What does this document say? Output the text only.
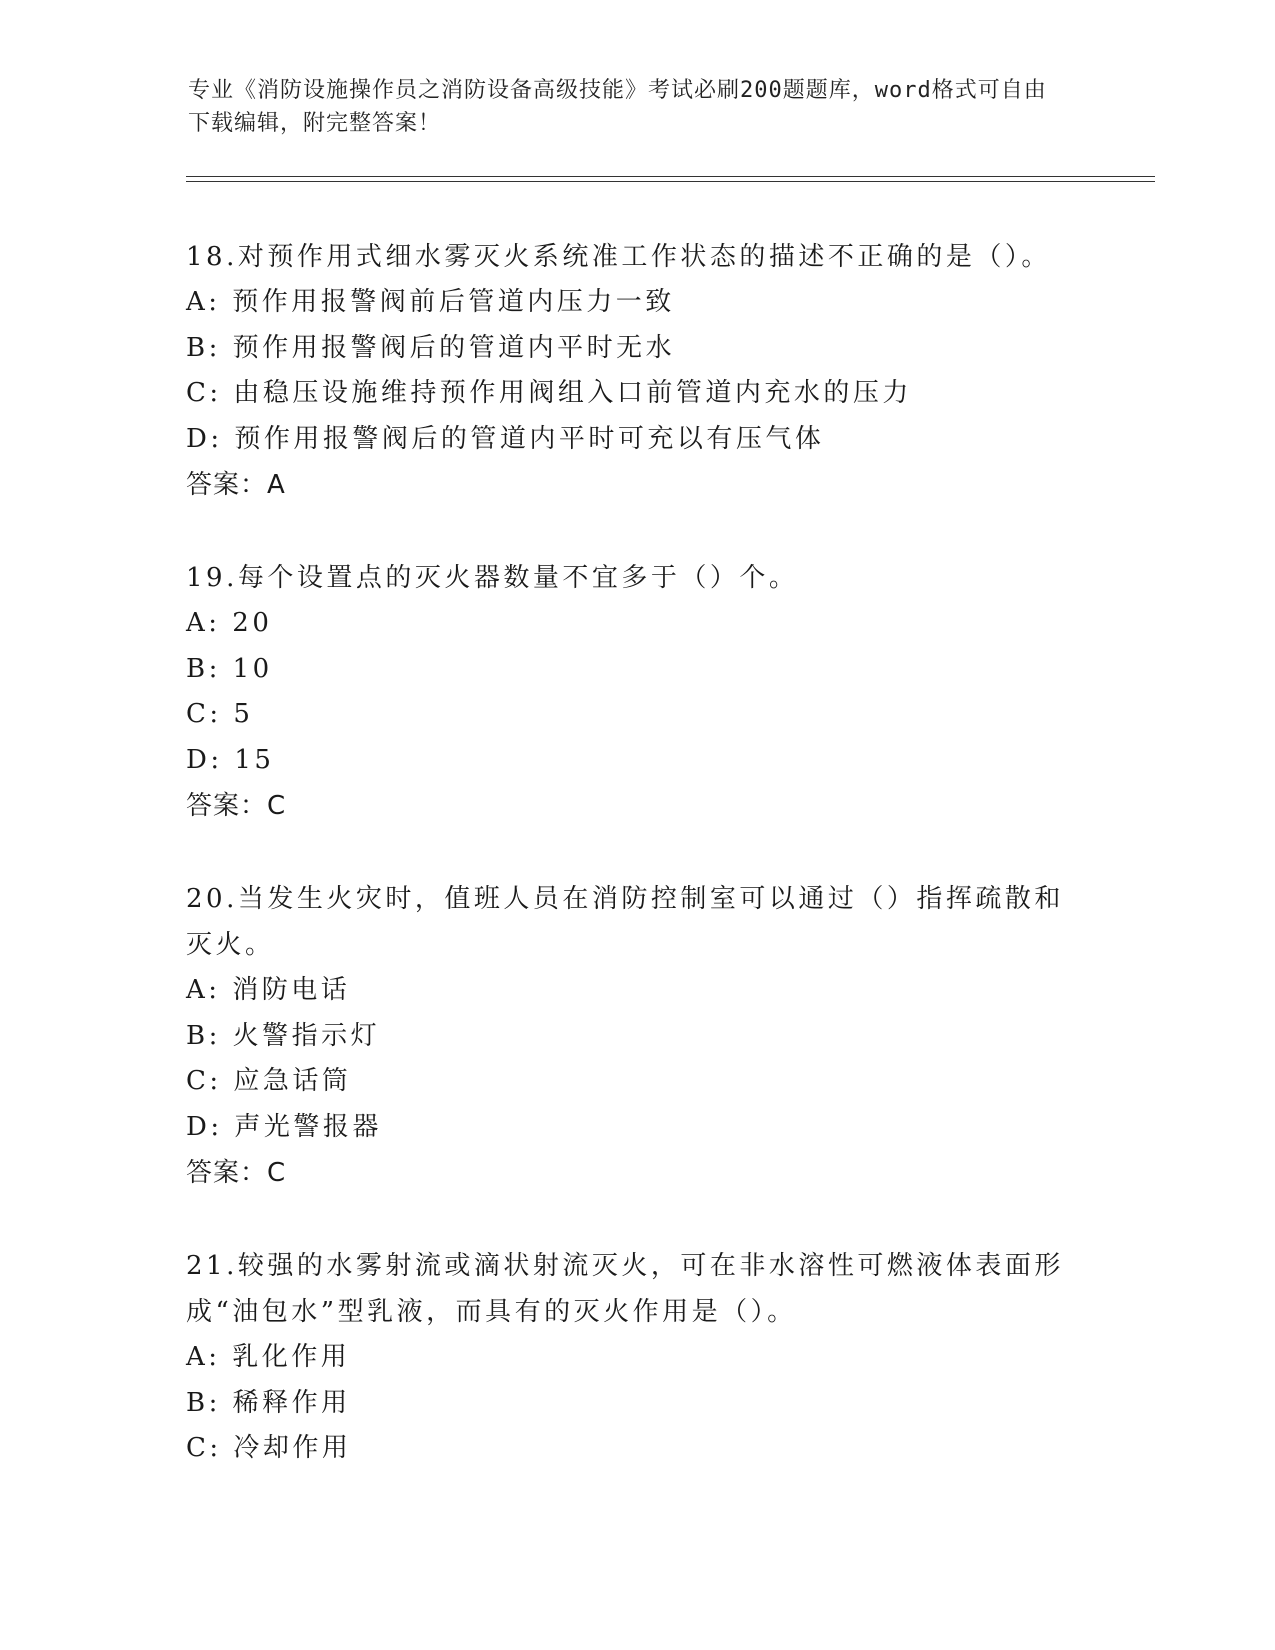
专业《消防设施操作员之消防设备高级技能》考试必刷200题题库，word格式可自由下载编辑，附完整答案！
18.对预作用式细水雾灭火系统准工作状态的描述不正确的是（）。
A: 预作用报警阀前后管道内压力一致
B: 预作用报警阀后的管道内平时无水
C: 由稳压设施维持预作用阀组入口前管道内充水的压力
D: 预作用报警阀后的管道内平时可充以有压气体
答案：A
19.每个设置点的灭火器数量不宜多于（）个。
A: 20
B: 10
C: 5
D: 15
答案：C
20.当发生火灾时，值班人员在消防控制室可以通过（）指挥疏散和灭火。
A: 消防电话
B: 火警指示灯
C: 应急话筒
D: 声光警报器
答案：C
21.较强的水雾射流或滴状射流灭火，可在非水溶性可燃液体表面形成“油包水”型乳液，而具有的灭火作用是（）。
A: 乳化作用
B: 稀释作用
C: 冷却作用
